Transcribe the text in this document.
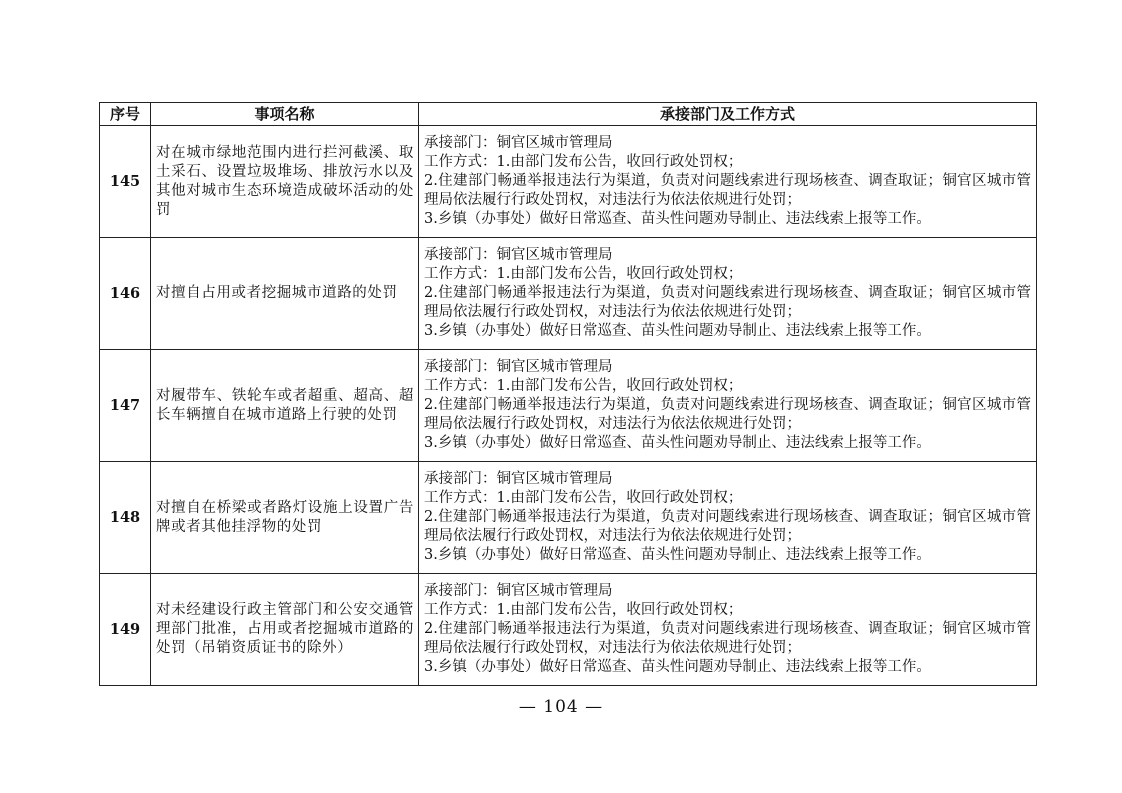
序号	事项名称	承接部门及工作方式
145	对在城市绿地范围内进行拦河截溪、取土采石、设置垃圾堆场、排放污水以及其他对城市生态环境造成破坏活动的处罚	承接部门：铜官区城市管理局
工作方式：1.由部门发布公告，收回行政处罚权；
2.住建部门畅通举报违法行为渠道，负责对问题线索进行现场核查、调查取证；铜官区城市管理局依法履行行政处罚权，对违法行为依法依规进行处罚；
3.乡镇（办事处）做好日常巡查、苗头性问题劝导制止、违法线索上报等工作。

146	对擅自占用或者挖掘城市道路的处罚	承接部门：铜官区城市管理局
工作方式：1.由部门发布公告，收回行政处罚权；
2.住建部门畅通举报违法行为渠道，负责对问题线索进行现场核查、调查取证；铜官区城市管理局依法履行行政处罚权，对违法行为依法依规进行处罚；
3.乡镇（办事处）做好日常巡查、苗头性问题劝导制止、违法线索上报等工作。

147	对履带车、铁轮车或者超重、超高、超长车辆擅自在城市道路上行驶的处罚	承接部门：铜官区城市管理局
工作方式：1.由部门发布公告，收回行政处罚权；
2.住建部门畅通举报违法行为渠道，负责对问题线索进行现场核查、调查取证；铜官区城市管理局依法履行行政处罚权，对违法行为依法依规进行处罚；
3.乡镇（办事处）做好日常巡查、苗头性问题劝导制止、违法线索上报等工作。

148	对擅自在桥梁或者路灯设施上设置广告牌或者其他挂浮物的处罚	承接部门：铜官区城市管理局
工作方式：1.由部门发布公告，收回行政处罚权；
2.住建部门畅通举报违法行为渠道，负责对问题线索进行现场核查、调查取证；铜官区城市管理局依法履行行政处罚权，对违法行为依法依规进行处罚；
3.乡镇（办事处）做好日常巡查、苗头性问题劝导制止、违法线索上报等工作。

149	对未经建设行政主管部门和公安交通管理部门批准，占用或者挖掘城市道路的处罚（吊销资质证书的除外）	承接部门：铜官区城市管理局
工作方式：1.由部门发布公告，收回行政处罚权；
2.住建部门畅通举报违法行为渠道，负责对问题线索进行现场核查、调查取证；铜官区城市管理局依法履行行政处罚权，对违法行为依法依规进行处罚；
3.乡镇（办事处）做好日常巡查、苗头性问题劝导制止、违法线索上报等工作。
— 104 —
